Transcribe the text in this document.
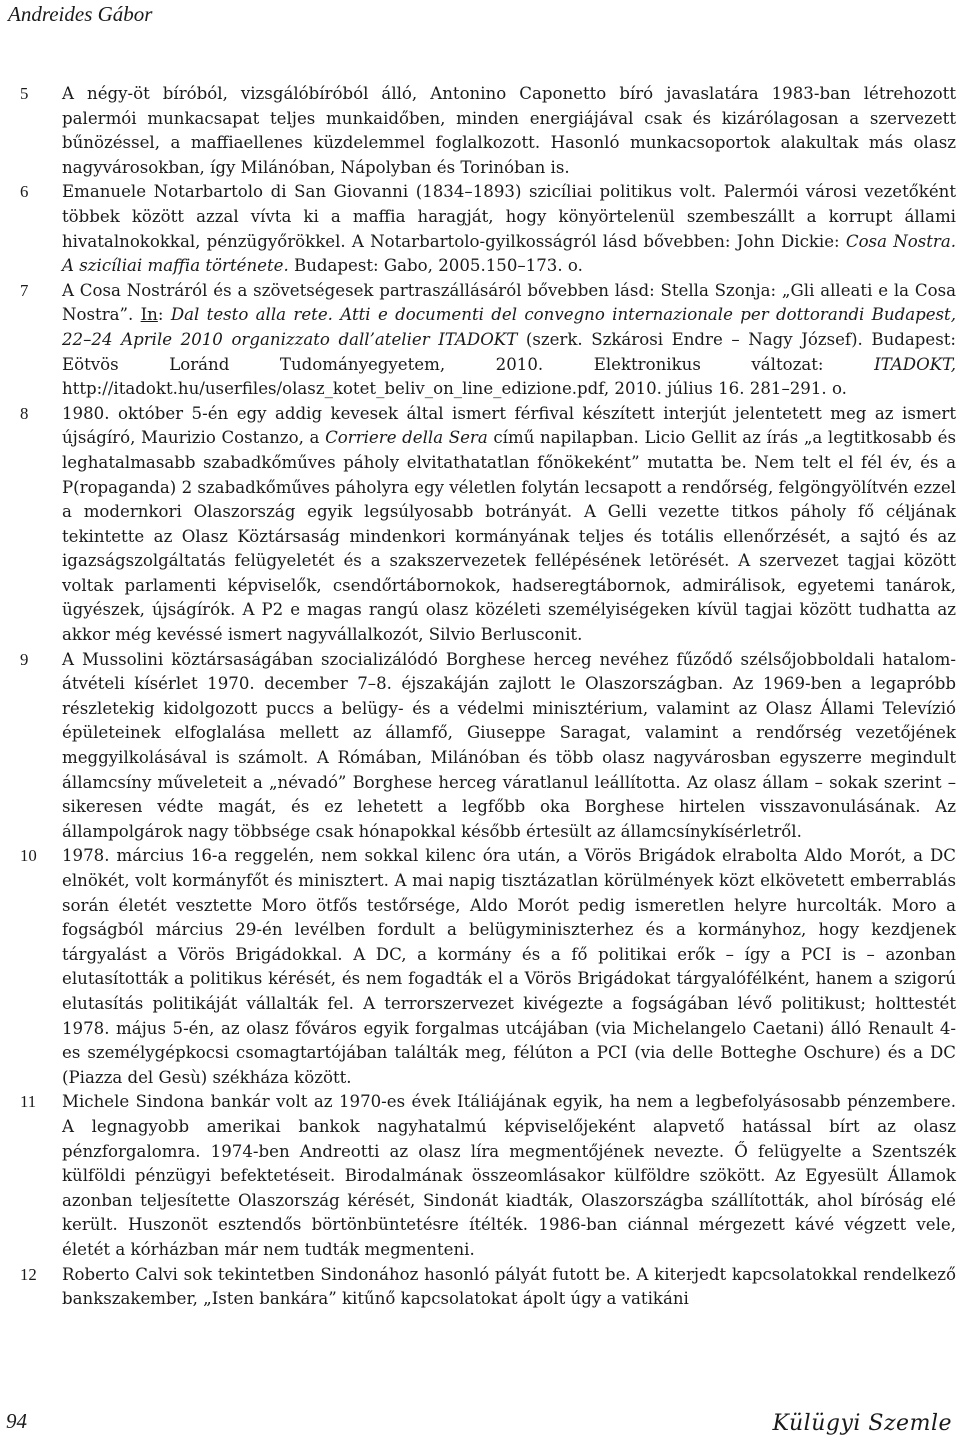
Andreides Gábor
5	A négy-öt bíróból, vizsgálóbíróból álló, Antonino Caponetto bíró javaslatára 1983-ban létrehozott palermói munkacsapat teljes munkaidőben, minden energiájával csak és kizárólagosan a szervezett bűnözéssel, a maffiaellenes küzdelemmel foglalkozott. Hasonló munkacsoportok alakultak más olasz nagyvárosokban, így Milánóban, Nápolyban és Torinóban is.
6	Emanuele Notarbartolo di San Giovanni (1834–1893) szicíliai politikus volt. Palermói városi vezetőként többek között azzal vívta ki a maffia haragját, hogy könyörtelenül szembeszállt a korrupt állami hivatalnokokkal, pénzügyőrökkel. A Notarbartolo-gyilkosságról lásd bővebben: John Dickie: Cosa Nostra. A szicíliai maffia története. Budapest: Gabo, 2005.150–173. o.
7	A Cosa Nostráról és a szövetségesek partraszállásáról bővebben lásd: Stella Szonja: „Gli alleati e la Cosa Nostra”. In: Dal testo alla rete. Atti e documenti del convegno internazionale per dottorandi Budapest, 22–24 Aprile 2010 organizzato dall’atelier ITADOKT (szerk. Szkárosi Endre – Nagy József). Budapest: Eötvös Loránd Tudományegyetem, 2010. Elektronikus változat: ITADOKT, http://itadokt.hu/userfiles/olasz_kotet_beliv_on_line_edizione.pdf, 2010. július 16. 281–291. o.
8	1980. október 5-én egy addig kevesek által ismert férfival készített interjút jelentetett meg az ismert újságíró, Maurizio Costanzo, a Corriere della Sera című napilapban. Licio Gellit az írás „a legtitkosabb és leghatalmasabb szabadkőműves páholy elvitathatatlan főnökeként” mutatta be. Nem telt el fél év, és a P(ropaganda) 2 szabadkőműves páholyra egy véletlen folytán lecsapott a rendőrség, felgöngyölítvén ezzel a modernkori Olaszország egyik legsúlyosabb botrányát. A Gelli vezette titkos páholy fő céljának tekintette az Olasz Köztársaság mindenkori kormányának teljes és totális ellenőrzését, a sajtó és az igazságszolgáltatás felügyeletét és a szakszervezetek fellépésének letörését. A szervezet tagjai között voltak parlamenti képviselők, csendőrtábornokok, hadseregtábornok, admirálisok, egyetemi tanárok, ügyészek, újságírók. A P2 e magas rangú olasz közéleti személyiségeken kívül tagjai között tudhatta az akkor még kevéssé ismert nagyvállalkozót, Silvio Berlusconit.
9	A Mussolini köztársaságában szocializálódó Borghese herceg nevéhez fűződő szélsőjobboldali hatalom-átvételi kísérlet 1970. december 7–8. éjszakáján zajlott le Olaszországban. Az 1969-ben a legapróbb részletekig kidolgozott puccs a belügy- és a védelmi minisztérium, valamint az Olasz Állami Televízió épületeinek elfoglalása mellett az államfő, Giuseppe Saragat, valamint a rendőrség vezetőjének meggyilkolásával is számolt. A Rómában, Milánóban és több olasz nagyvárosban egyszerre megindult államcsíny műveleteit a „névadó” Borghese herceg váratlanul leállította. Az olasz állam – sokak szerint – sikeresen védte magát, és ez lehetett a legfőbb oka Borghese hirtelen visszavonulásának. Az állampolgárok nagy többsége csak hónapokkal később értesült az államcsínykísérletről.
10	1978. március 16-a reggelén, nem sokkal kilenc óra után, a Vörös Brigádok elrabolta Aldo Morót, a DC elnökét, volt kormányfőt és minisztert. A mai napig tisztázatlan körülmények közt elkövetett emberrablás során életét vesztette Moro ötfős testőrsége, Aldo Morót pedig ismeretlen helyre hurcolták. Moro a fogságból március 29-én levélben fordult a belügyminiszterhez és a kormányhoz, hogy kezdjenek tárgyalást a Vörös Brigádokkal. A DC, a kormány és a fő politikai erők – így a PCI is – azonban elutasították a politikus kérését, és nem fogadták el a Vörös Brigádokat tárgyalófélként, hanem a szigorú elutasítás politikáját vállalták fel. A terrorszervezet kivégezte a fogságában lévő politikust; holttestét 1978. május 5-én, az olasz főváros egyik forgalmas utcájában (via Michelangelo Caetani) álló Renault 4-es személygépkocsi csomagtartójában találták meg, félúton a PCI (via delle Botteghe Oschure) és a DC (Piazza del Gesù) székháza között.
11	Michele Sindona bankár volt az 1970-es évek Itáliájának egyik, ha nem a legbefolyásosabb pénzembere. A legnagyobb amerikai bankok nagyhatalmú képviselőjeként alapvető hatással bírt az olasz pénzforgalomra. 1974-ben Andreotti az olasz líra megmentőjének nevezte. Ő felügyelte a Szentszék külföldi pénzügyi befektetéseit. Birodalmának összeomlásakor külföldre szökött. Az Egyesült Államok azonban teljesítette Olaszország kérését, Sindonát kiadták, Olaszországba szállították, ahol bíróság elé került. Huszonöt esztendős börtönbüntetésre ítélték. 1986-ban ciánnal mérgezett kávé végzett vele, életét a kórházban már nem tudták megmenteni.
12	Roberto Calvi sok tekintetben Sindonához hasonló pályát futott be. A kiterjedt kapcsolatokkal rendelkező bankszakember, „Isten bankára” kitűnő kapcsolatokat ápolt úgy a vatikáni
94	Külügyi Szemle
